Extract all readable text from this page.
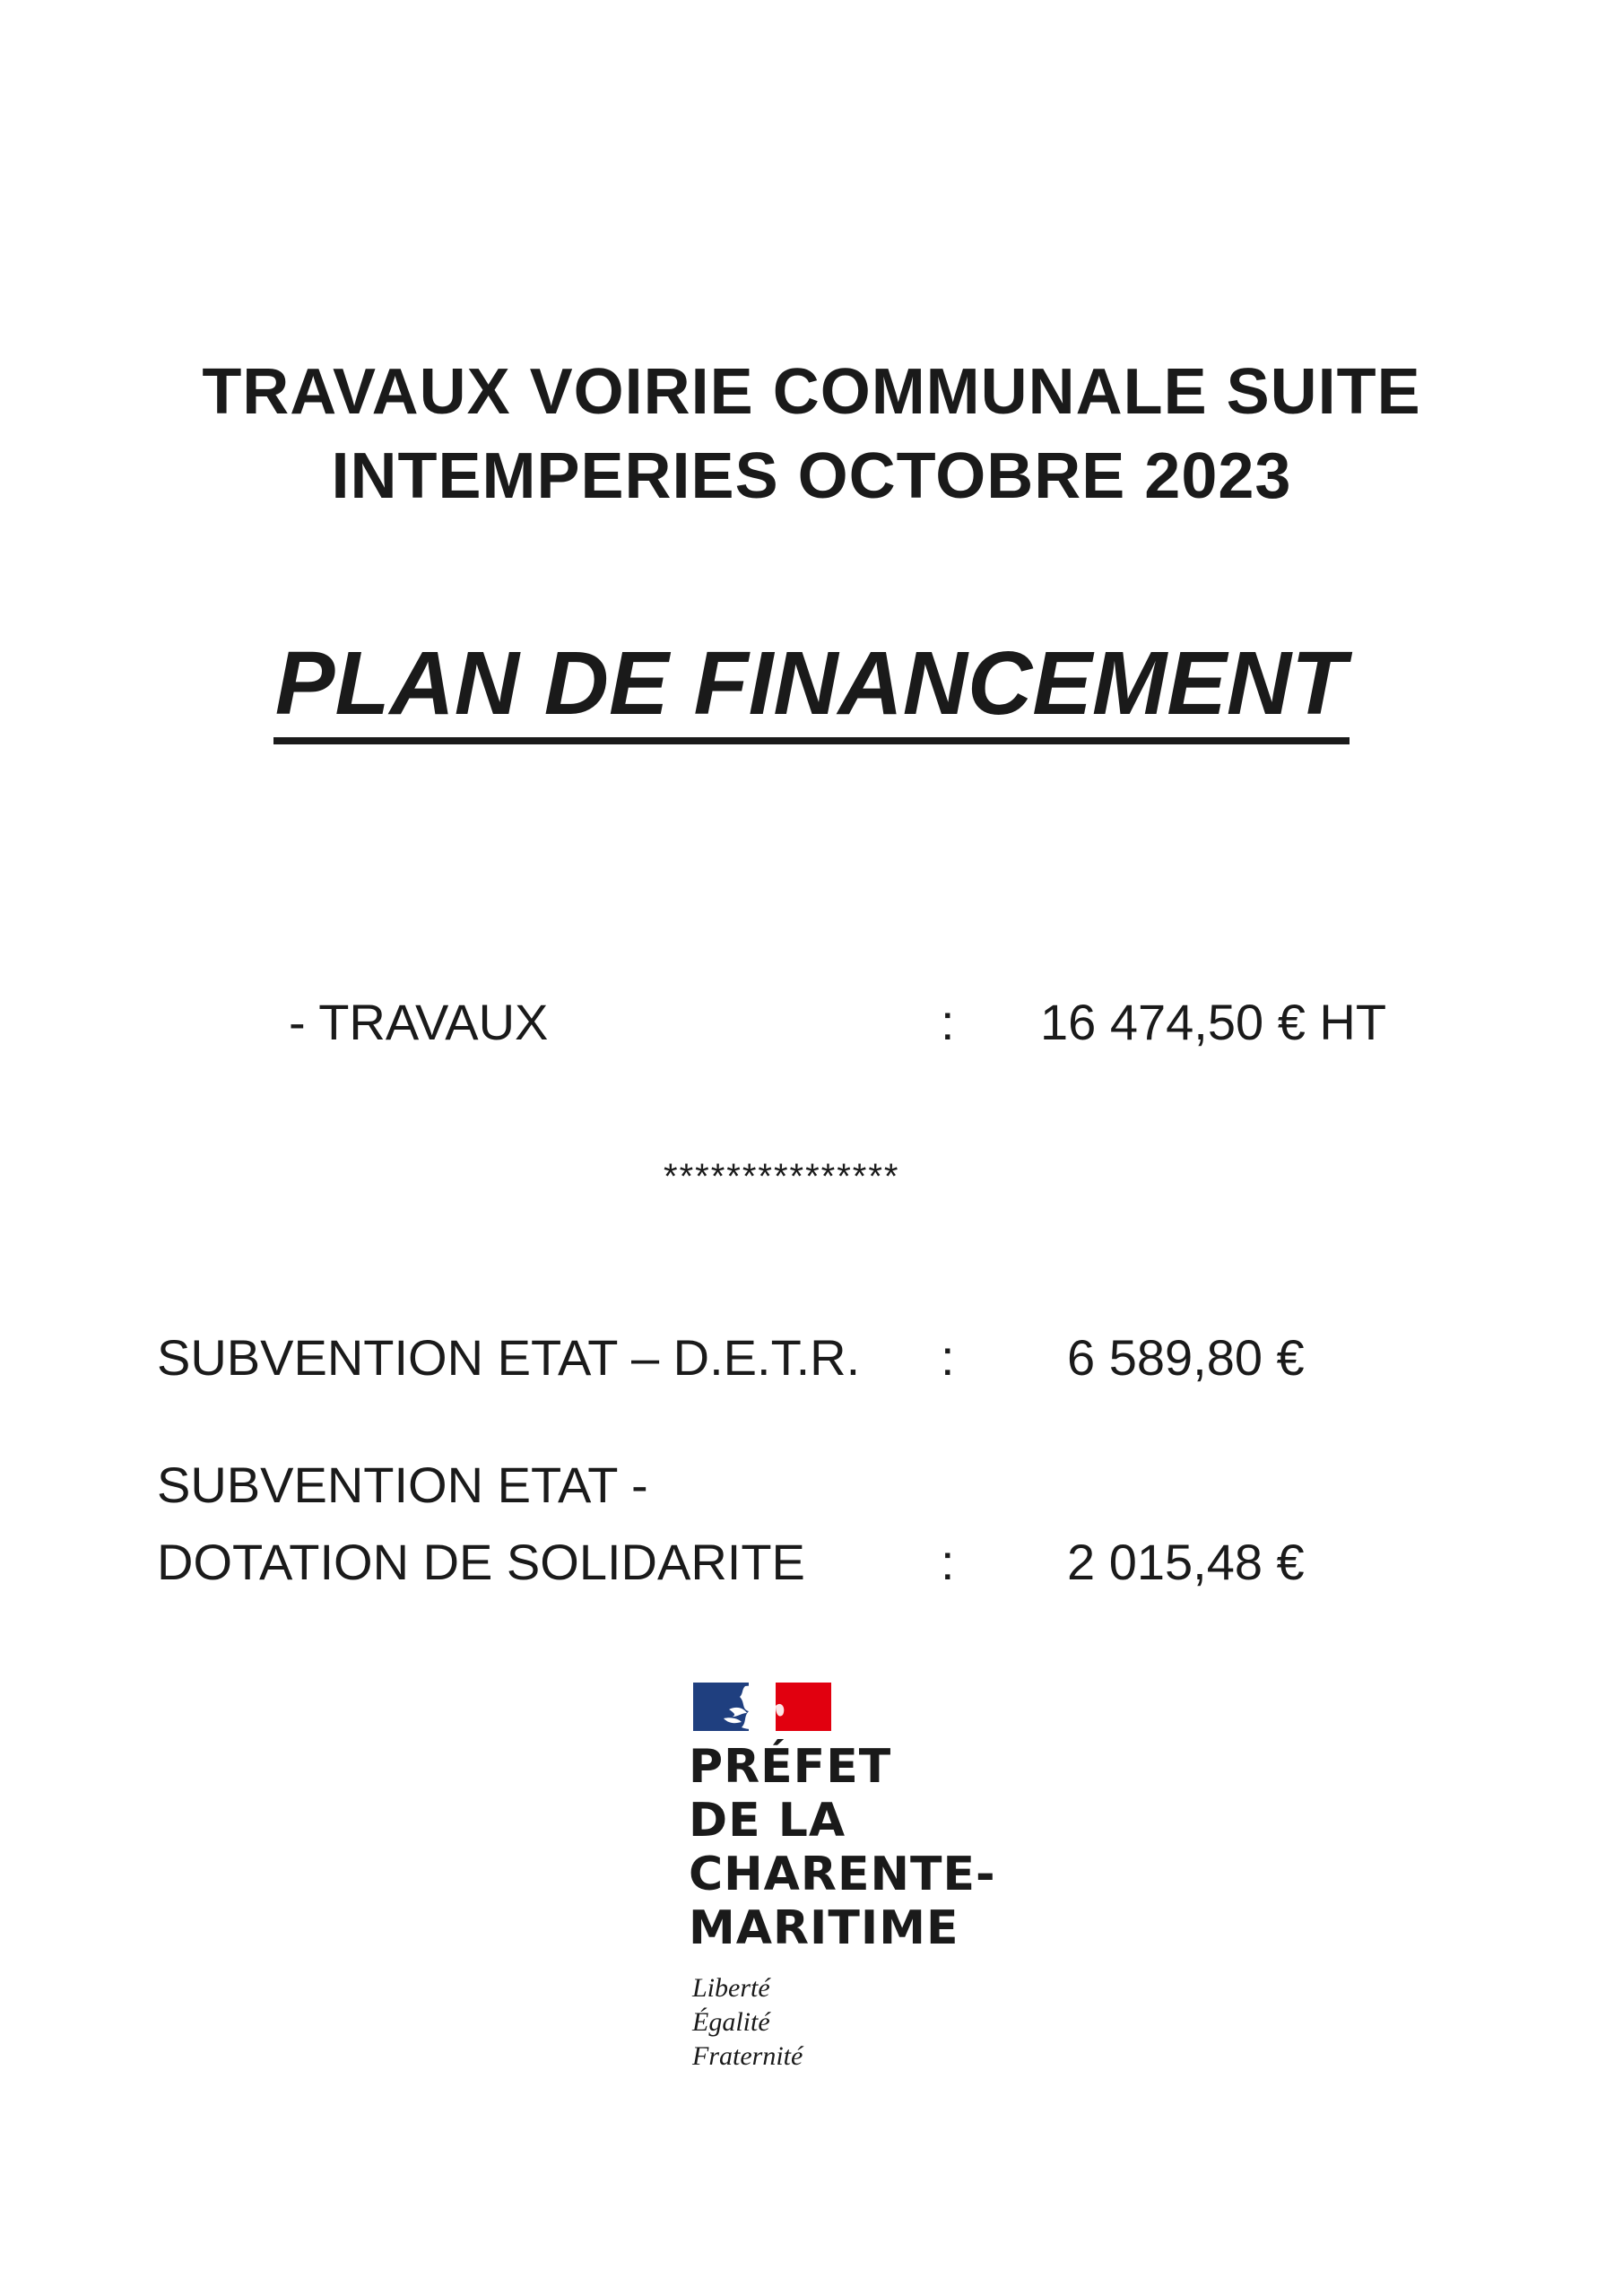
TRAVAUX VOIRIE COMMUNALE SUITE
INTEMPERIES OCTOBRE 2023
PLAN DE FINANCEMENT
- TRAVAUX	: 16 474,50 € HT
***************
SUBVENTION ETAT – D.E.T.R. : 6 589,80 €
SUBVENTION ETAT -
DOTATION DE SOLIDARITE	: 2 015,48 €
PRÉFET
DE LA
CHARENTE-
MARITIME
Liberté
Égalité
Fraternité
